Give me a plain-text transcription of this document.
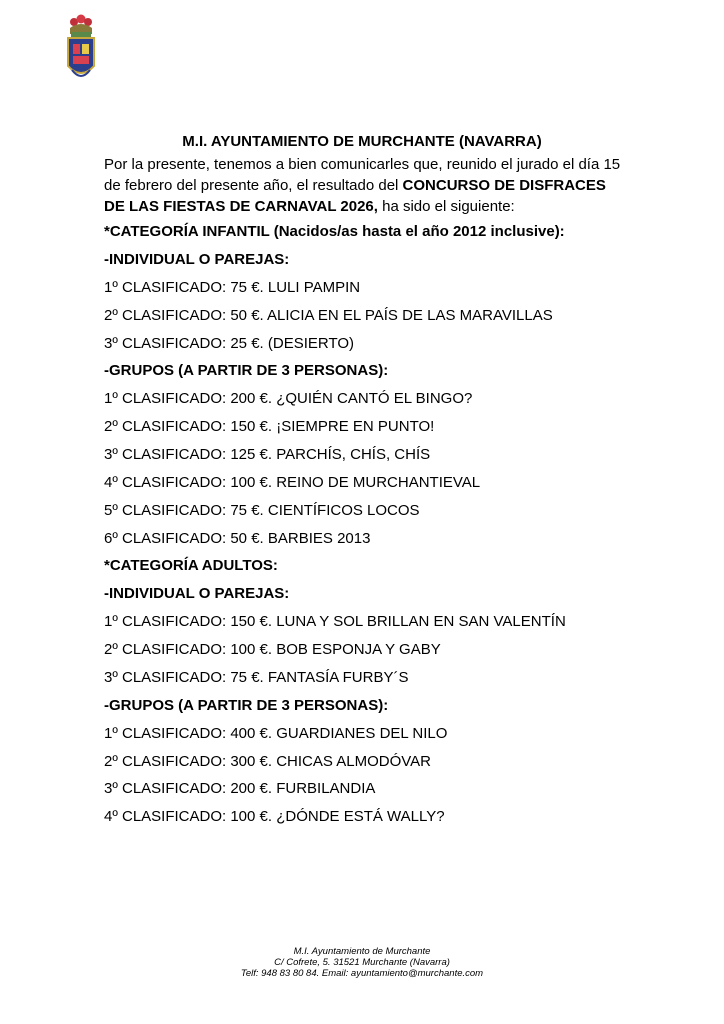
M.I. AYUNTAMIENTO DE MURCHANTE (NAVARRA)
Por la presente, tenemos a bien comunicarles que, reunido el jurado el día 15 de febrero del presente año, el resultado del CONCURSO DE DISFRACES DE LAS FIESTAS DE CARNAVAL 2026, ha sido el siguiente:
*CATEGORÍA INFANTIL (Nacidos/as hasta el año 2012 inclusive):
-INDIVIDUAL O PAREJAS:
1º CLASIFICADO: 75 €. LULI PAMPIN
2º CLASIFICADO: 50 €. ALICIA EN EL PAÍS DE LAS MARAVILLAS
3º CLASIFICADO: 25 €. (DESIERTO)
-GRUPOS (A PARTIR DE 3 PERSONAS):
1º CLASIFICADO: 200 €. ¿QUIÉN CANTÓ EL BINGO?
2º CLASIFICADO: 150 €. ¡SIEMPRE EN PUNTO!
3º CLASIFICADO: 125 €. PARCHÍS, CHÍS, CHÍS
4º CLASIFICADO: 100 €. REINO DE MURCHANTIEVAL
5º CLASIFICADO: 75 €. CIENTÍFICOS LOCOS
6º CLASIFICADO: 50 €. BARBIES 2013
*CATEGORÍA ADULTOS:
-INDIVIDUAL O PAREJAS:
1º CLASIFICADO: 150 €. LUNA Y SOL BRILLAN EN SAN VALENTÍN
2º CLASIFICADO: 100 €. BOB ESPONJA Y GABY
3º CLASIFICADO: 75 €. FANTASÍA FURBY´S
-GRUPOS (A PARTIR DE 3 PERSONAS):
1º CLASIFICADO: 400 €. GUARDIANES DEL NILO
2º CLASIFICADO: 300 €. CHICAS ALMODÓVAR
3º CLASIFICADO: 200 €. FURBILANDIA
4º CLASIFICADO: 100 €. ¿DÓNDE ESTÁ WALLY?
M.I. Ayuntamiento de Murchante
C/ Cofrete, 5. 31521 Murchante (Navarra)
Telf: 948 83 80 84. Email: ayuntamiento@murchante.com
